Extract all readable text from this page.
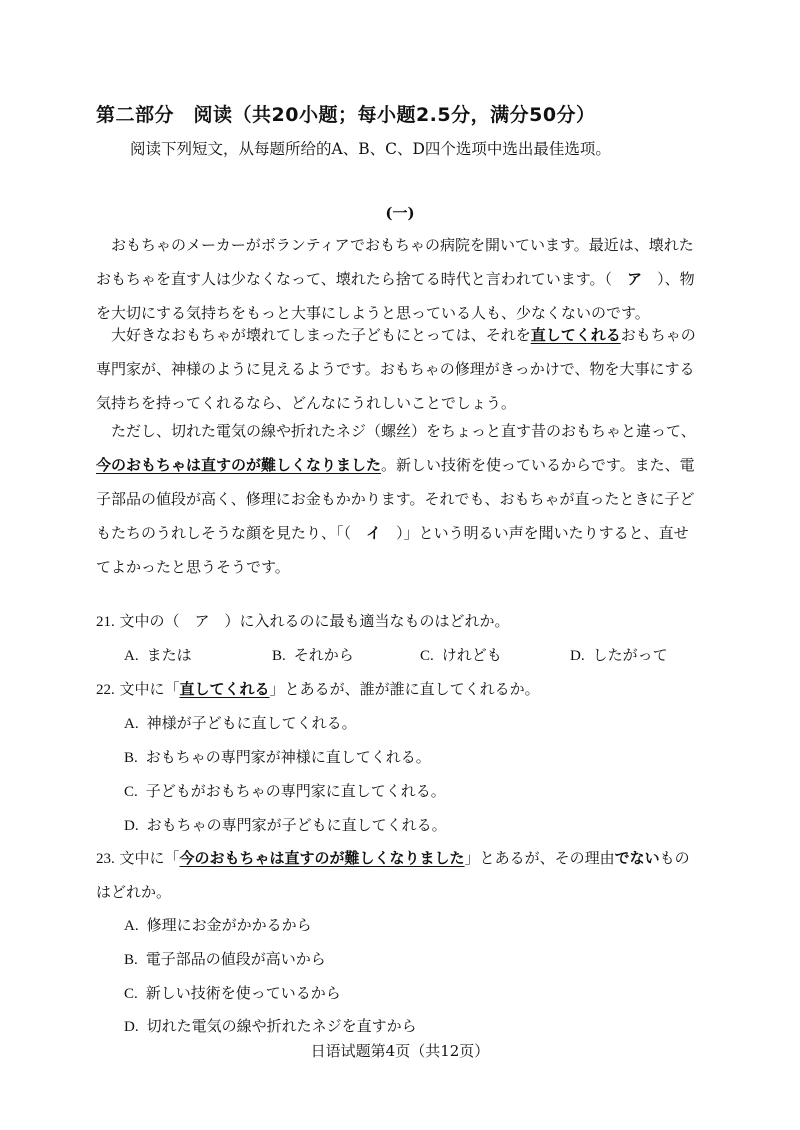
第二部分　阅读（共20小题；每小题2.5分，满分50分）
阅读下列短文，从每题所给的A、B、C、D四个选项中选出最佳选项。
(一)
　おもちゃのメーカーがボランティアでおもちゃの病院を開いています。最近は、壊れた
おもちゃを直す人は少なくなって、壊れたら捨てる時代と言われています。（　 ア　 ）、物
を大切にする気持ちをもっと大事にしようと思っている人も、少なくないのです。
　大好きなおもちゃが壊れてしまった子どもにとっては、それを直してくれるおもちゃの
専門家が、神様のように見えるようです。おもちゃの修理がきっかけで、物を大事にする
気持ちを持ってくれるなら、どんなにうれしいことでしょう。
　ただし、切れた電気の線や折れたネジ（螺丝）をちょっと直す昔のおもちゃと違って、
今のおもちゃは直すのが難しくなりました。新しい技術を使っているからです。また、電
子部品の値段が高く、修理にお金もかかります。それでも、おもちゃが直ったときに子ど
もたちのうれしそうな顔を見たり、「（　 イ　 ）」という明るい声を聞いたりすると、直せ
てよかったと思うそうです。
21. 文中の（　ア　）に入れるのに最も適当なものはどれか。
A. または	B. それから	C. けれども	D. したがって
22. 文中に「直してくれる」とあるが、誰が誰に直してくれるか。
A. 神様が子どもに直してくれる。
B. おもちゃの専門家が神様に直してくれる。
C. 子どもがおもちゃの専門家に直してくれる。
D. おもちゃの専門家が子どもに直してくれる。
23. 文中に「今のおもちゃは直すのが難しくなりました」とあるが、その理由でないもの
はどれか。
A. 修理にお金がかかるから
B. 電子部品の値段が高いから
C. 新しい技術を使っているから
D. 切れた電気の線や折れたネジを直すから
日语试题第4页（共12页）
